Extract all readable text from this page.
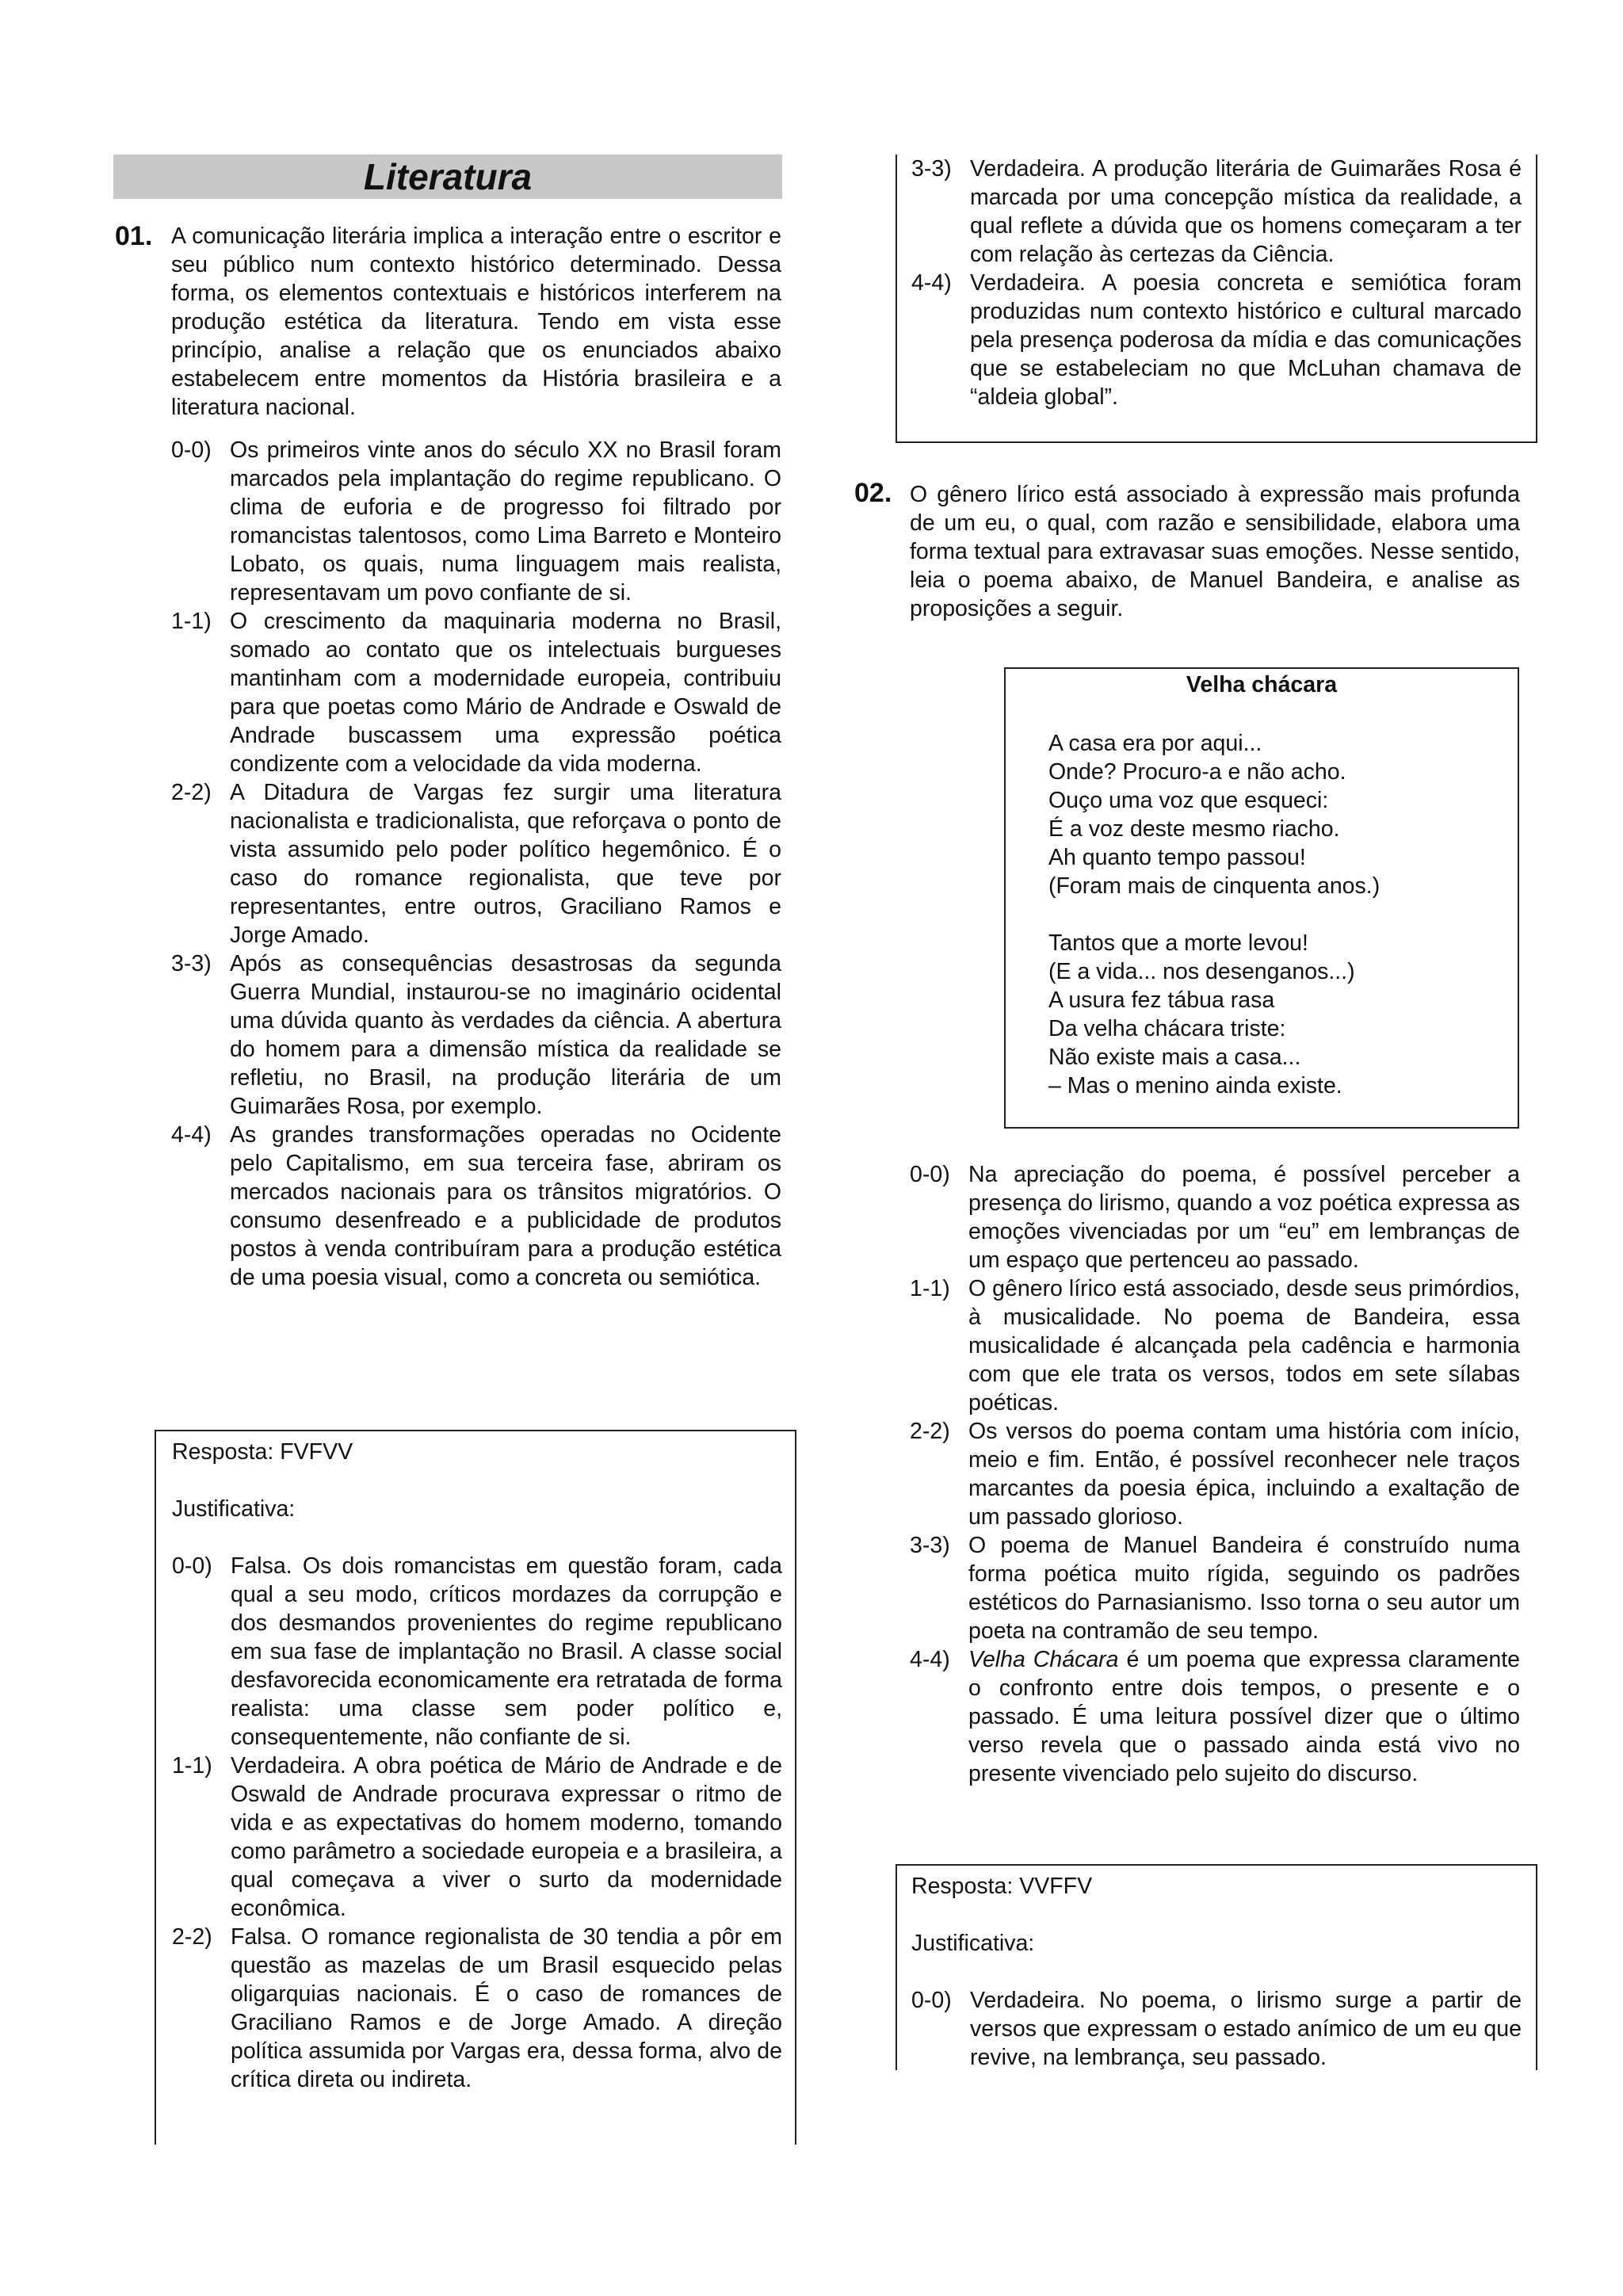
Literatura
01. A comunicação literária implica a interação entre o escritor e seu público num contexto histórico determinado. Dessa forma, os elementos contextuais e históricos interferem na produção estética da literatura. Tendo em vista esse princípio, analise a relação que os enunciados abaixo estabelecem entre momentos da História brasileira e a literatura nacional.
0-0) Os primeiros vinte anos do século XX no Brasil foram marcados pela implantação do regime republicano. O clima de euforia e de progresso foi filtrado por romancistas talentosos, como Lima Barreto e Monteiro Lobato, os quais, numa linguagem mais realista, representavam um povo confiante de si.
1-1) O crescimento da maquinaria moderna no Brasil, somado ao contato que os intelectuais burgueses mantinham com a modernidade europeia, contribuiu para que poetas como Mário de Andrade e Oswald de Andrade buscassem uma expressão poética condizente com a velocidade da vida moderna.
2-2) A Ditadura de Vargas fez surgir uma literatura nacionalista e tradicionalista, que reforçava o ponto de vista assumido pelo poder político hegemônico. É o caso do romance regionalista, que teve por representantes, entre outros, Graciliano Ramos e Jorge Amado.
3-3) Após as consequências desastrosas da segunda Guerra Mundial, instaurou-se no imaginário ocidental uma dúvida quanto às verdades da ciência. A abertura do homem para a dimensão mística da realidade se refletiu, no Brasil, na produção literária de um Guimarães Rosa, por exemplo.
4-4) As grandes transformações operadas no Ocidente pelo Capitalismo, em sua terceira fase, abriram os mercados nacionais para os trânsitos migratórios. O consumo desenfreado e a publicidade de produtos postos à venda contribuíram para a produção estética de uma poesia visual, como a concreta ou semiótica.
Resposta: FVFVV
Justificativa:
0-0) Falsa. Os dois romancistas em questão foram, cada qual a seu modo, críticos mordazes da corrupção e dos desmandos provenientes do regime republicano em sua fase de implantação no Brasil. A classe social desfavorecida economicamente era retratada de forma realista: uma classe sem poder político e, consequentemente, não confiante de si.
1-1) Verdadeira. A obra poética de Mário de Andrade e de Oswald de Andrade procurava expressar o ritmo de vida e as expectativas do homem moderno, tomando como parâmetro a sociedade europeia e a brasileira, a qual começava a viver o surto da modernidade econômica.
2-2) Falsa. O romance regionalista de 30 tendia a pôr em questão as mazelas de um Brasil esquecido pelas oligarquias nacionais. É o caso de romances de Graciliano Ramos e de Jorge Amado. A direção política assumida por Vargas era, dessa forma, alvo de crítica direta ou indireta.
3-3) Verdadeira. A produção literária de Guimarães Rosa é marcada por uma concepção mística da realidade, a qual reflete a dúvida que os homens começaram a ter com relação às certezas da Ciência.
4-4) Verdadeira. A poesia concreta e semiótica foram produzidas num contexto histórico e cultural marcado pela presença poderosa da mídia e das comunicações que se estabeleciam no que McLuhan chamava de “aldeia global”.
02. O gênero lírico está associado à expressão mais profunda de um eu, o qual, com razão e sensibilidade, elabora uma forma textual para extravasar suas emoções. Nesse sentido, leia o poema abaixo, de Manuel Bandeira, e analise as proposições a seguir.
Velha chácara
A casa era por aqui...
Onde? Procuro-a e não acho.
Ouço uma voz que esqueci:
É a voz deste mesmo riacho.
Ah quanto tempo passou!
(Foram mais de cinquenta anos.)
Tantos que a morte levou!
(E a vida... nos desenganos...)
A usura fez tábua rasa
Da velha chácara triste:
Não existe mais a casa...
– Mas o menino ainda existe.
0-0) Na apreciação do poema, é possível perceber a presença do lirismo, quando a voz poética expressa as emoções vivenciadas por um “eu” em lembranças de um espaço que pertenceu ao passado.
1-1) O gênero lírico está associado, desde seus primórdios, à musicalidade. No poema de Bandeira, essa musicalidade é alcançada pela cadência e harmonia com que ele trata os versos, todos em sete sílabas poéticas.
2-2) Os versos do poema contam uma história com início, meio e fim. Então, é possível reconhecer nele traços marcantes da poesia épica, incluindo a exaltação de um passado glorioso.
3-3) O poema de Manuel Bandeira é construído numa forma poética muito rígida, seguindo os padrões estéticos do Parnasianismo. Isso torna o seu autor um poeta na contramão de seu tempo.
4-4) Velha Chácara é um poema que expressa claramente o confronto entre dois tempos, o presente e o passado. É uma leitura possível dizer que o último verso revela que o passado ainda está vivo no presente vivenciado pelo sujeito do discurso.
Resposta: VVFFV
Justificativa:
0-0) Verdadeira. No poema, o lirismo surge a partir de versos que expressam o estado anímico de um eu que revive, na lembrança, seu passado.
